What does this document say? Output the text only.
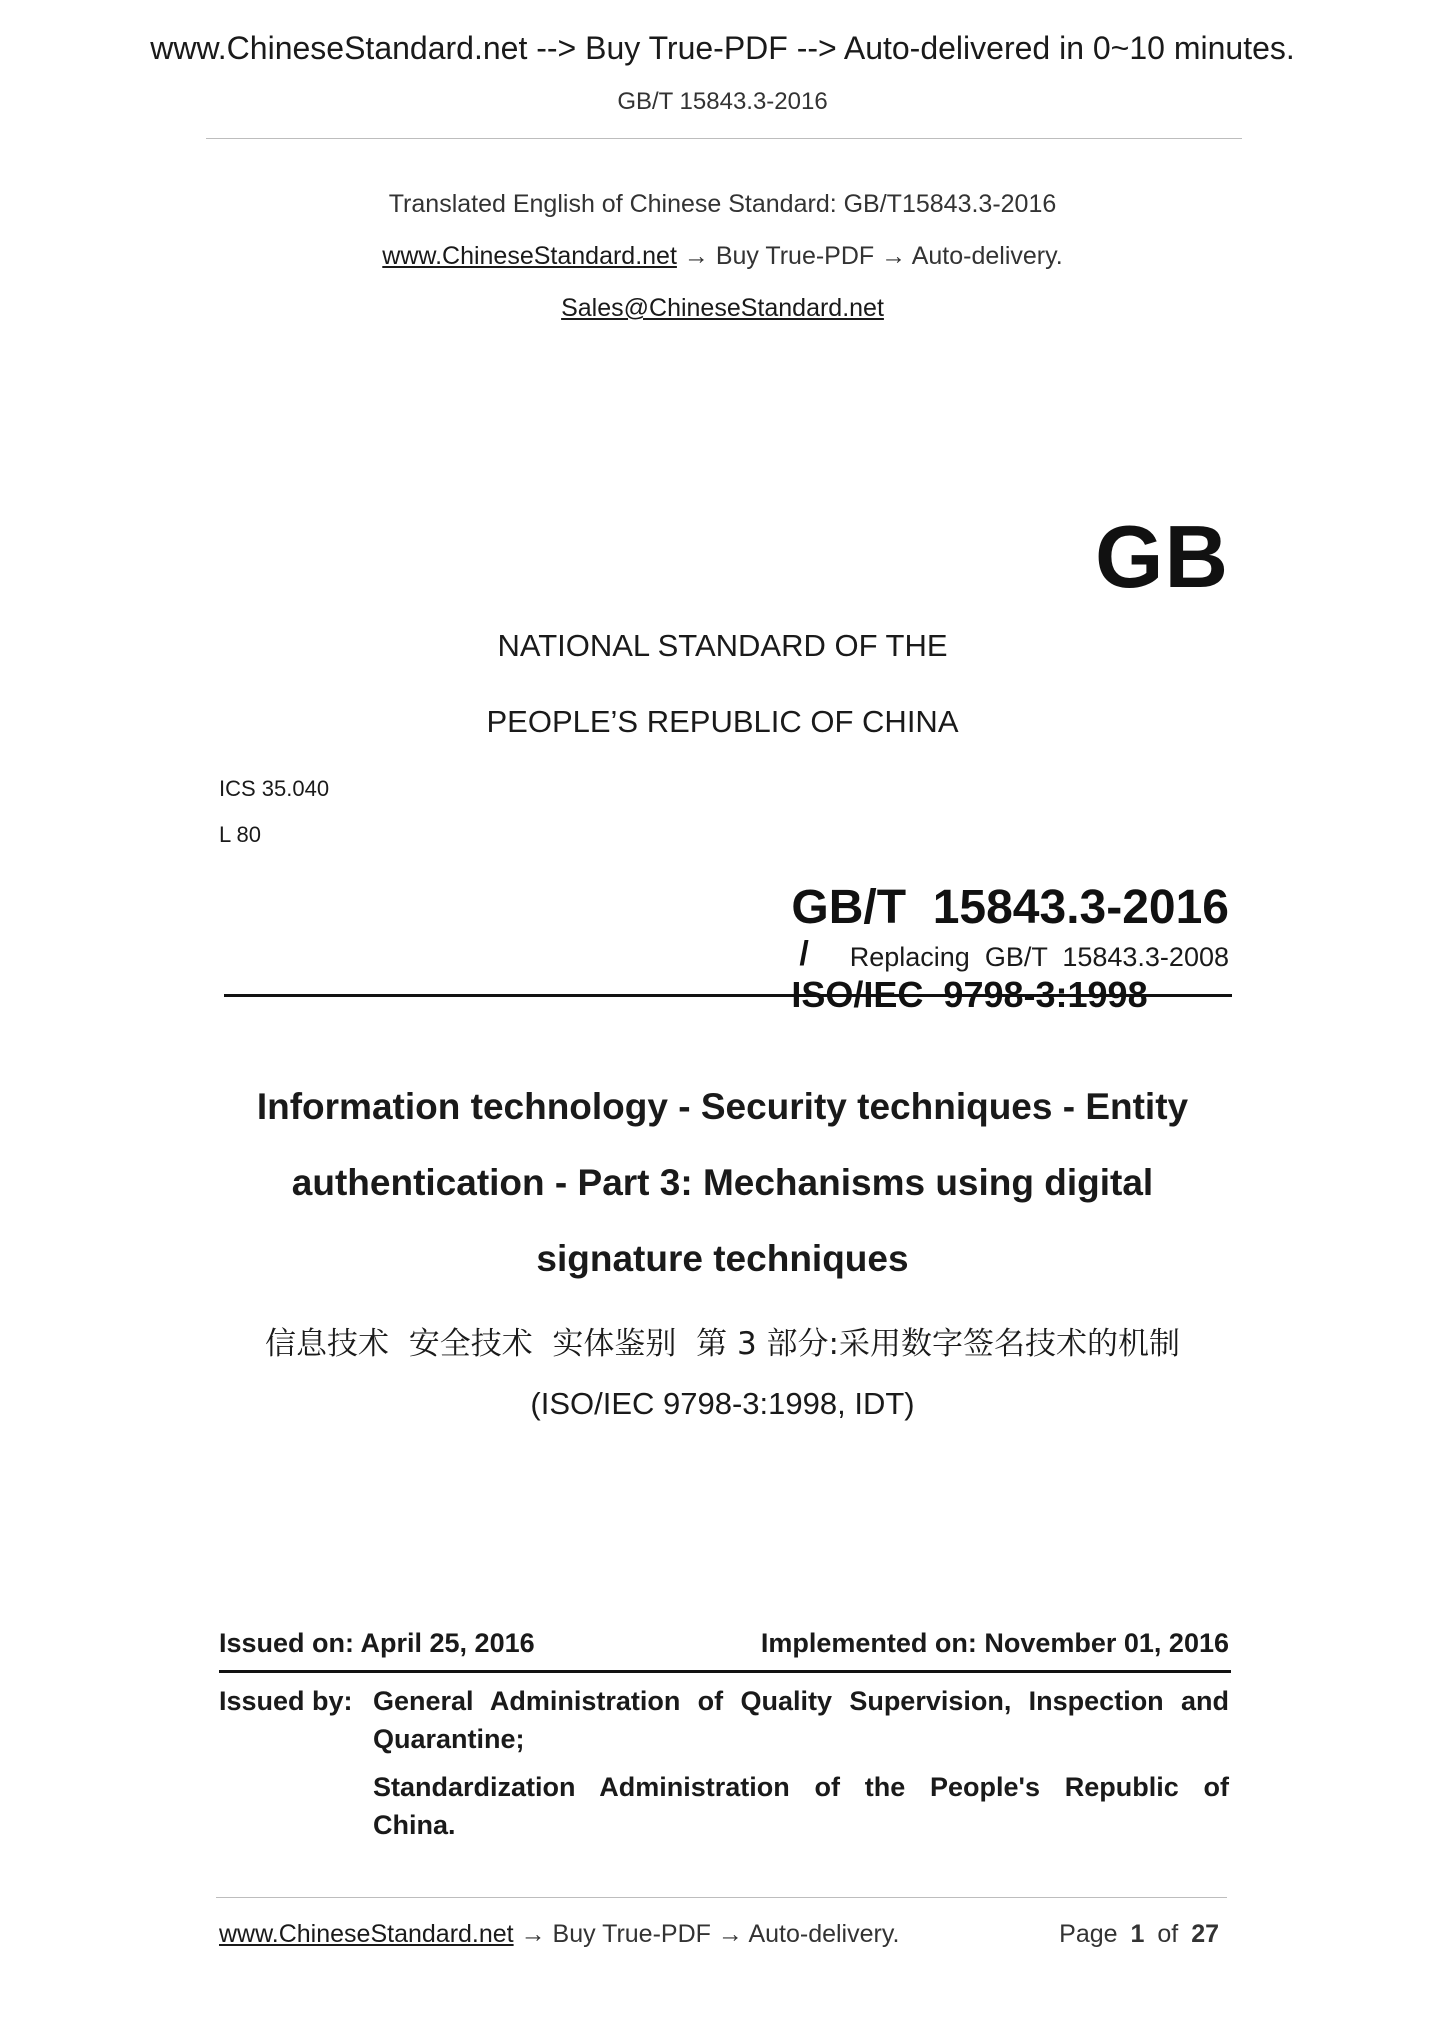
www.ChineseStandard.net --> Buy True-PDF --> Auto-delivered in 0~10 minutes.
GB/T 15843.3-2016
Translated English of Chinese Standard: GB/T15843.3-2016
www.ChineseStandard.net → Buy True-PDF → Auto-delivery.
Sales@ChineseStandard.net
GB
NATIONAL STANDARD OF THE
PEOPLE’S REPUBLIC OF CHINA
ICS 35.040
L 80

GB/T  15843.3-2016
/
ISO/IEC  9798-3:1998

Replacing  GB/T  15843.3-2008
Information technology - Security techniques - Entity
authentication - Part 3: Mechanisms using digital
signature techniques
信息技术  安全技术  实体鉴别  第 3 部分:采用数字签名技术的机制
(ISO/IEC 9798-3:1998, IDT)
Issued on: April 25, 2016	Implemented on: November 01, 2016
Issued by: General Administration of Quality Supervision, Inspection and
Quarantine;
Standardization  Administration  of  the  People's  Republic  of
China.
www.ChineseStandard.net → Buy True-PDF → Auto-delivery.	Page 1 of 27
